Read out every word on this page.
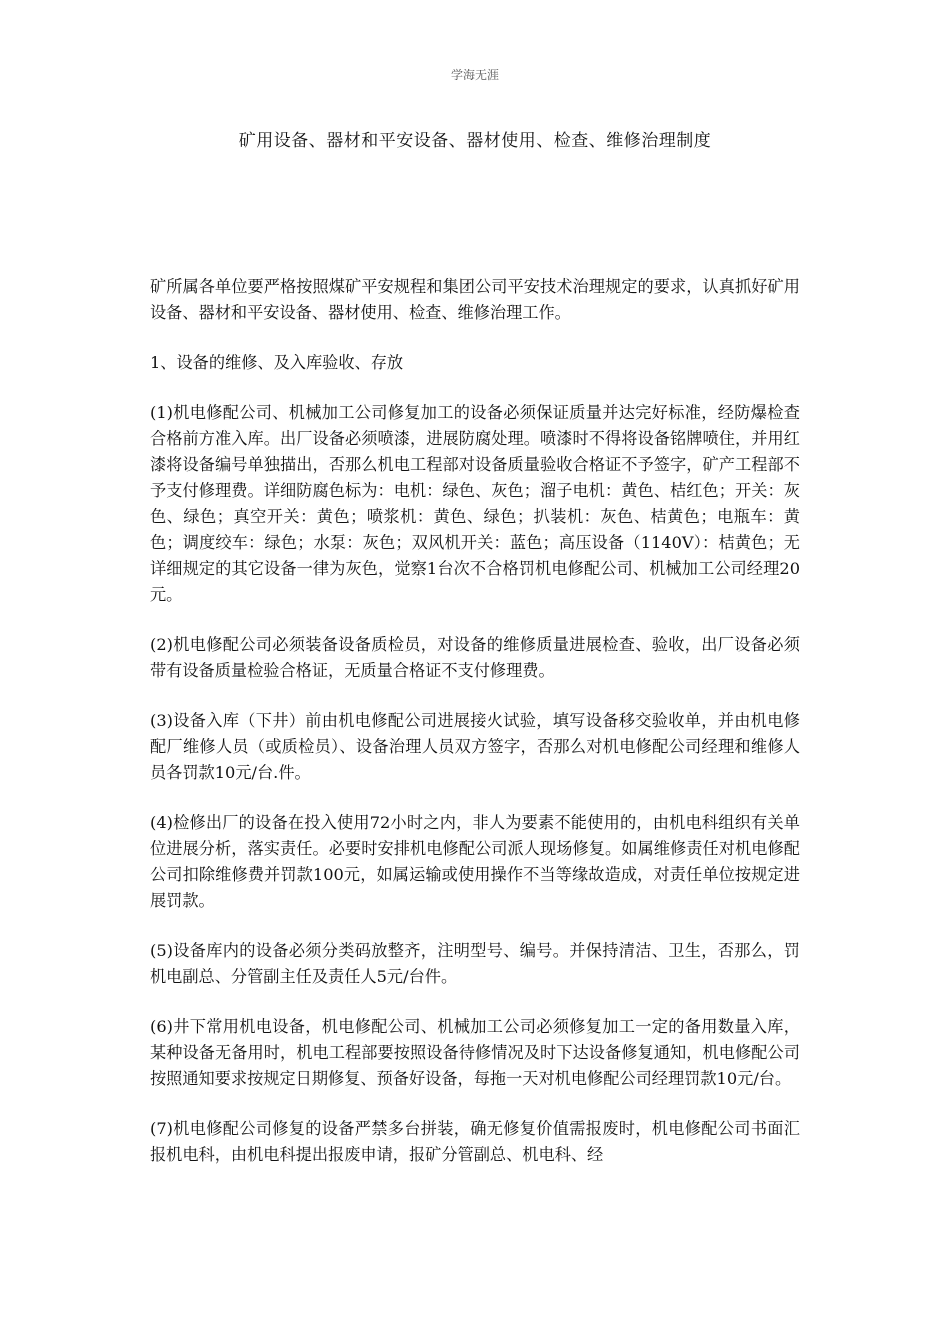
学海无涯
矿用设备、器材和平安设备、器材使用、检查、维修治理制度

矿所属各单位要严格按照煤矿平安规程和集团公司平安技术治理规定的要求，认真抓好矿用设备、器材和平安设备、器材使用、检查、维修治理工作。

1、设备的维修、及入库验收、存放

(1)机电修配公司、机械加工公司修复加工的设备必须保证质量并达完好标准，经防爆检查合格前方准入库。出厂设备必须喷漆，进展防腐处理。喷漆时不得将设备铭牌喷住，并用红漆将设备编号单独描出，否那么机电工程部对设备质量验收合格证不予签字，矿产工程部不予支付修理费。详细防腐色标为：电机：绿色、灰色；溜子电机：黄色、桔红色；开关：灰色、绿色；真空开关：黄色；喷浆机：黄色、绿色；扒装机：灰色、桔黄色；电瓶车：黄色；调度绞车：绿色；水泵：灰色；双风机开关：蓝色；高压设备（1140V）：桔黄色；无详细规定的其它设备一律为灰色，觉察1台次不合格罚机电修配公司、机械加工公司经理20元。

(2)机电修配公司必须装备设备质检员，对设备的维修质量进展检查、验收，出厂设备必须带有设备质量检验合格证，无质量合格证不支付修理费。

(3)设备入库（下井）前由机电修配公司进展接火试验，填写设备移交验收单，并由机电修配厂维修人员（或质检员）、设备治理人员双方签字，否那么对机电修配公司经理和维修人员各罚款10元/台.件。

(4)检修出厂的设备在投入使用72小时之内，非人为要素不能使用的，由机电科组织有关单位进展分析，落实责任。必要时安排机电修配公司派人现场修复。如属维修责任对机电修配公司扣除维修费并罚款100元，如属运输或使用操作不当等缘故造成，对责任单位按规定进展罚款。

(5)设备库内的设备必须分类码放整齐，注明型号、编号。并保持清洁、卫生，否那么，罚机电副总、分管副主任及责任人5元/台件。

(6)井下常用机电设备，机电修配公司、机械加工公司必须修复加工一定的备用数量入库，某种设备无备用时，机电工程部要按照设备待修情况及时下达设备修复通知，机电修配公司按照通知要求按规定日期修复、预备好设备，每拖一天对机电修配公司经理罚款10元/台。

(7)机电修配公司修复的设备严禁多台拼装，确无修复价值需报废时，机电修配公司书面汇报机电科，由机电科提出报废申请，报矿分管副总、机电科、经
